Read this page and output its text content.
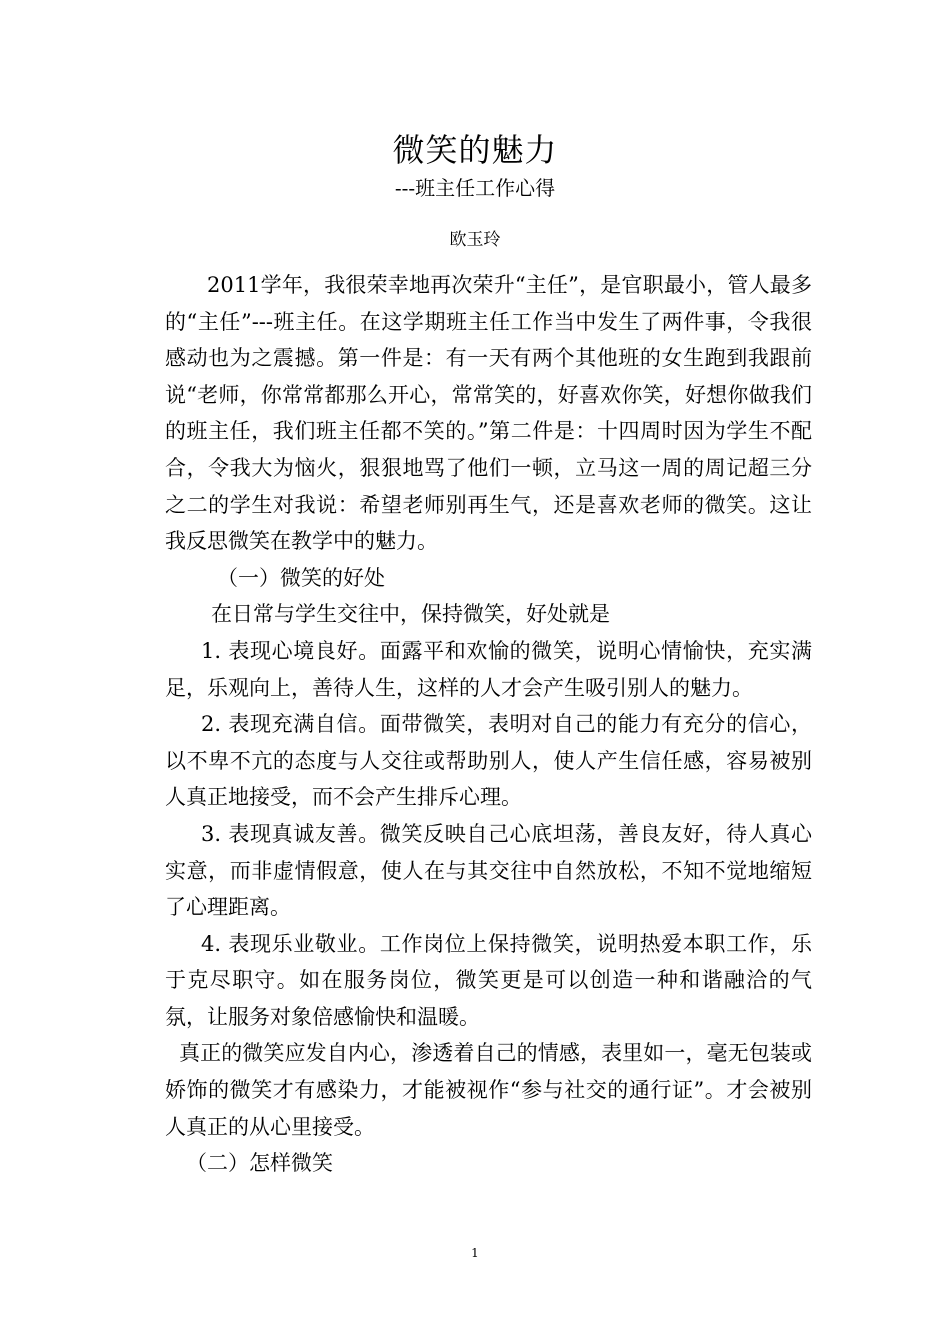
微笑的魅力
---班主任工作心得
欧玉玲

2011学年，我很荣幸地再次荣升“主任”，是官职最小，管人最多的“主任”---班主任。在这学期班主任工作当中发生了两件事，令我很感动也为之震撼。第一件是：有一天有两个其他班的女生跑到我跟前说“老师，你常常都那么开心，常常笑的，好喜欢你笑，好想你做我们的班主任，我们班主任都不笑的。”第二件是：十四周时因为学生不配合，令我大为恼火，狠狠地骂了他们一顿，立马这一周的周记超三分之二的学生对我说：希望老师别再生气，还是喜欢老师的微笑。这让我反思微笑在教学中的魅力。

（一）微笑的好处

在日常与学生交往中，保持微笑，好处就是

1. 表现心境良好。面露平和欢愉的微笑，说明心情愉快，充实满足，乐观向上，善待人生，这样的人才会产生吸引别人的魅力。

2. 表现充满自信。面带微笑，表明对自己的能力有充分的信心，以不卑不亢的态度与人交往或帮助别人，使人产生信任感，容易被别人真正地接受，而不会产生排斥心理。

3. 表现真诚友善。微笑反映自己心底坦荡，善良友好，待人真心实意，而非虚情假意，使人在与其交往中自然放松，不知不觉地缩短了心理距离。

4. 表现乐业敬业。工作岗位上保持微笑，说明热爱本职工作，乐于克尽职守。如在服务岗位，微笑更是可以创造一种和谐融洽的气氛，让服务对象倍感愉快和温暖。

真正的微笑应发自内心，渗透着自己的情感，表里如一，毫无包装或娇饰的微笑才有感染力，才能被视作“参与社交的通行证”。才会被别人真正的从心里接受。

（二）怎样微笑

1
